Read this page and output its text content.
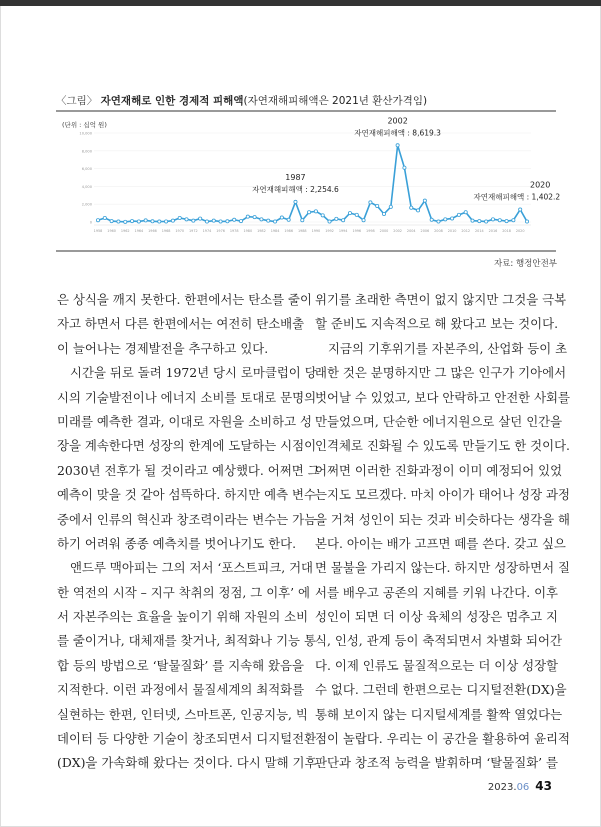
〈그림〉 자연재해로 인한 경제적 피해액(자연재해피해액은 2021년 환산가격임)
(단위 : 십억 원)
0
2,000
4,000
6,000
8,000
10,000
1958 1960 1962 1964 1966 1968 1970 1972 1974 1976 1978 1980 1982 1984 1986 1988 1990 1992 1994 1996 1998 2000 2002 2004 2006 2008 2010 2012 2014 2016 2018 2020
1987
자연재해피해액 : 2,254.6
2002
자연재해피해액 : 8,619.3
2020
자연재해피해액 : 1,402.2
자료: 행정안전부
은 상식을 깨지 못한다. 한편에서는 탄소를 줄이
자고 하면서 다른 한편에서는 여전히 탄소배출
이 늘어나는 경제발전을 추구하고 있다.
시간을 뒤로 돌려 1972년 당시 로마클럽이 당
시의 기술발전이나 에너지 소비를 토대로 문명의
미래를 예측한 결과, 이대로 자원을 소비하고 성
장을 계속한다면 성장의 한계에 도달하는 시점이
2030년 전후가 될 것이라고 예상했다. 어쩌면 그
예측이 맞을 것 같아 섬뜩하다. 하지만 예측 변수
중에서 인류의 혁신과 창조력이라는 변수는 가늠
하기 어려워 종종 예측치를 벗어나기도 한다.
앤드루 맥아피는 그의 저서 ‘포스트피크, 거대
한 역전의 시작 – 지구 착취의 정점, 그 이후’ 에
서 자본주의는 효율을 높이기 위해 자원의 소비
를 줄이거나, 대체재를 찾거나, 최적화나 기능 통
합 등의 방법으로 ‘탈물질화’ 를 지속해 왔음을
지적한다. 이런 과정에서 물질세계의 최적화를
실현하는 한편, 인터넷, 스마트폰, 인공지능, 빅
데이터 등 다양한 기술이 창조되면서 디지털전환
(DX)을 가속화해 왔다는 것이다. 다시 말해 기후
위기를 초래한 측면이 없지 않지만 그것을 극복
할 준비도 지속적으로 해 왔다고 보는 것이다.
지금의 기후위기를 자본주의, 산업화 등이 초
래한 것은 분명하지만 그 많은 인구가 기아에서
벗어날 수 있었고, 보다 안락하고 안전한 사회를
만들었으며, 단순한 에너지원으로 살던 인간을
인격체로 진화될 수 있도록 만들기도 한 것이다.
어쩌면 이러한 진화과정이 이미 예정되어 있었
는지도 모르겠다. 마치 아이가 태어나 성장 과정
을 거쳐 성인이 되는 것과 비슷하다는 생각을 해
본다. 아이는 배가 고프면 떼를 쓴다. 갖고 싶으
면 물불을 가리지 않는다. 하지만 성장하면서 질
서를 배우고 공존의 지혜를 키워 나간다. 이후
성인이 되면 더 이상 육체의 성장은 멈추고 지
식, 인성, 관계 등이 축적되면서 차별화 되어간
다. 이제 인류도 물질적으로는 더 이상 성장할
수 없다. 그런데 한편으로는 디지털전환(DX)을
통해 보이지 않는 디지털세계를 활짝 열었다는
점이 놀랍다. 우리는 이 공간을 활용하여 윤리적
판단과 창조적 능력을 발휘하며 ‘탈물질화’ 를
2023.06 43
